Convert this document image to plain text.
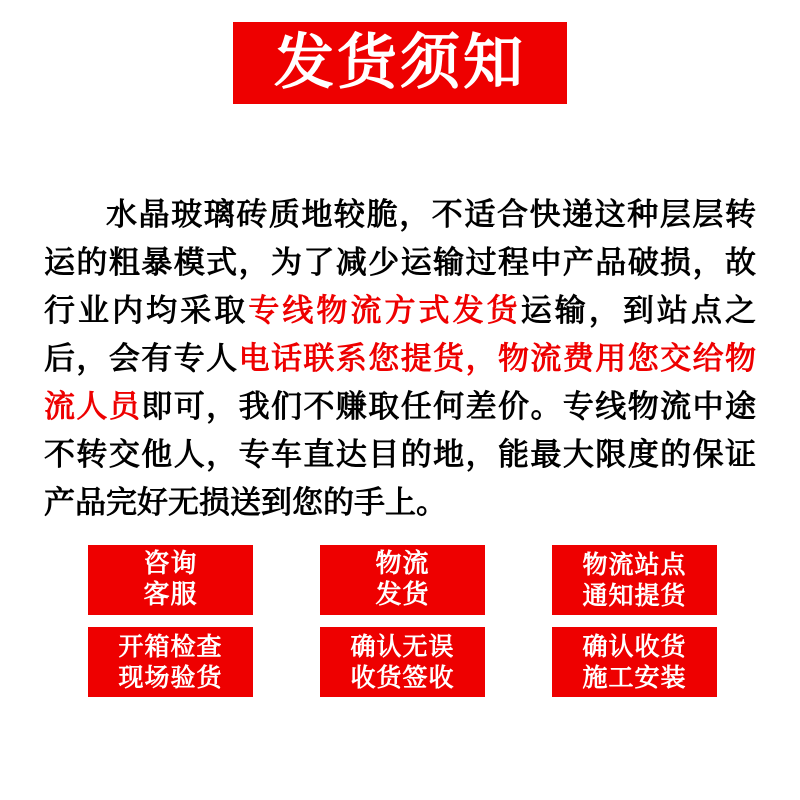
发货须知

水晶玻璃砖质地较脆，不适合快递这种层层转运的粗暴模式，为了减少运输过程中产品破损，故行业内均采取专线物流方式发货运输，到站点之后，会有专人电话联系您提货，物流费用您交给物流人员即可，我们不赚取任何差价。专线物流中途不转交他人，专车直达目的地，能最大限度的保证产品完好无损送到您的手上。

咨询
客服
物流
发货
物流站点
通知提货
开箱检查
现场验货
确认无误
收货签收
确认收货
施工安装
